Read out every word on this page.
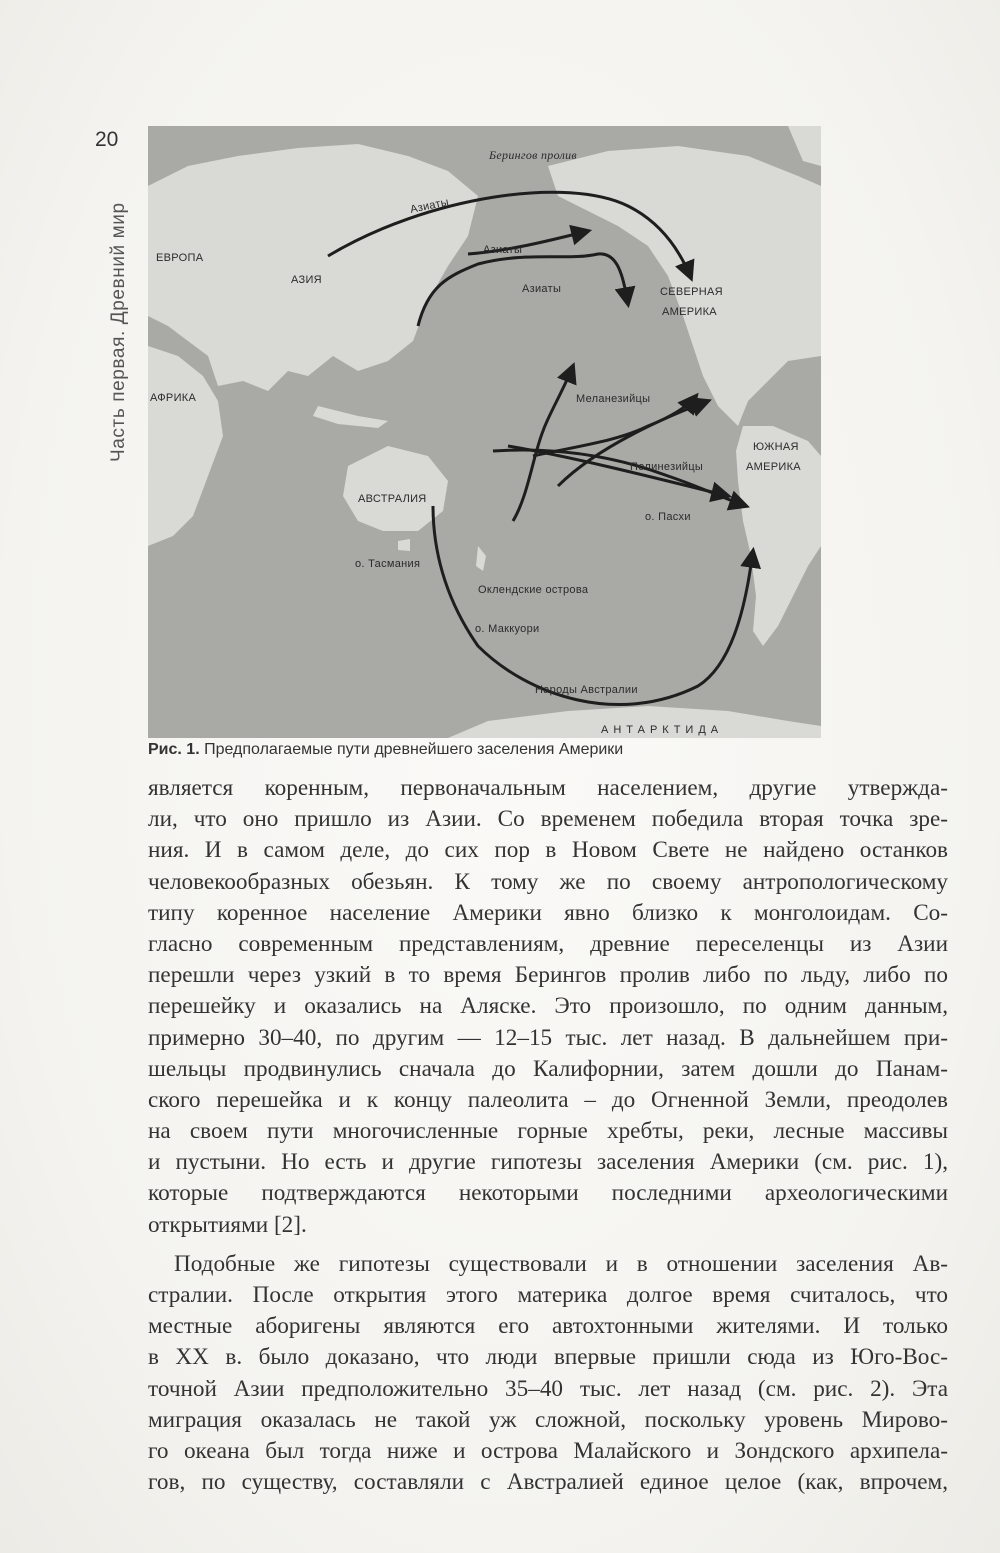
20
Часть первая. Древний мир
Берингов пролив
ЕВРОПА
АЗИЯ
АФРИКА
АВСТРАЛИЯ
СЕВЕРНАЯ
АМЕРИКА
ЮЖНАЯ
АМЕРИКА
АНТАРКТИДА
Азиаты
Азиаты
Азиаты
Меланезийцы
Полинезийцы
о. Пасхи
о. Тасмания
Оклендские острова
о. Маккуори
Народы Австралии
Рис. 1. Предполагаемые пути древнейшего заселения Америки
является коренным, первоначальным населением, другие утвержда-
ли, что оно пришло из Азии. Со временем победила вторая точка зре-
ния. И в самом деле, до сих пор в Новом Свете не найдено останков
человекообразных обезьян. К тому же по своему антропологическому
типу коренное население Америки явно близко к монголоидам. Со-
гласно современным представлениям, древние переселенцы из Азии
перешли через узкий в то время Берингов пролив либо по льду, либо по
перешейку и оказались на Аляске. Это произошло, по одним данным,
примерно 30–40, по другим — 12–15 тыс. лет назад. В дальнейшем при-
шельцы продвинулись сначала до Калифорнии, затем дошли до Панам-
ского перешейка и к концу палеолита – до Огненной Земли, преодолев
на своем пути многочисленные горные хребты, реки, лесные массивы
и пустыни. Но есть и другие гипотезы заселения Америки (см. рис. 1),
которые подтверждаются некоторыми последними археологическими
открытиями [2].
Подобные же гипотезы существовали и в отношении заселения Ав-
стралии. После открытия этого материка долгое время считалось, что
местные аборигены являются его автохтонными жителями. И только
в XX в. было доказано, что люди впервые пришли сюда из Юго-Вос-
точной Азии предположительно 35–40 тыс. лет назад (см. рис. 2). Эта
миграция оказалась не такой уж сложной, поскольку уровень Мирово-
го океана был тогда ниже и острова Малайского и Зондского архипела-
гов, по существу, составляли с Австралией единое целое (как, впрочем,
